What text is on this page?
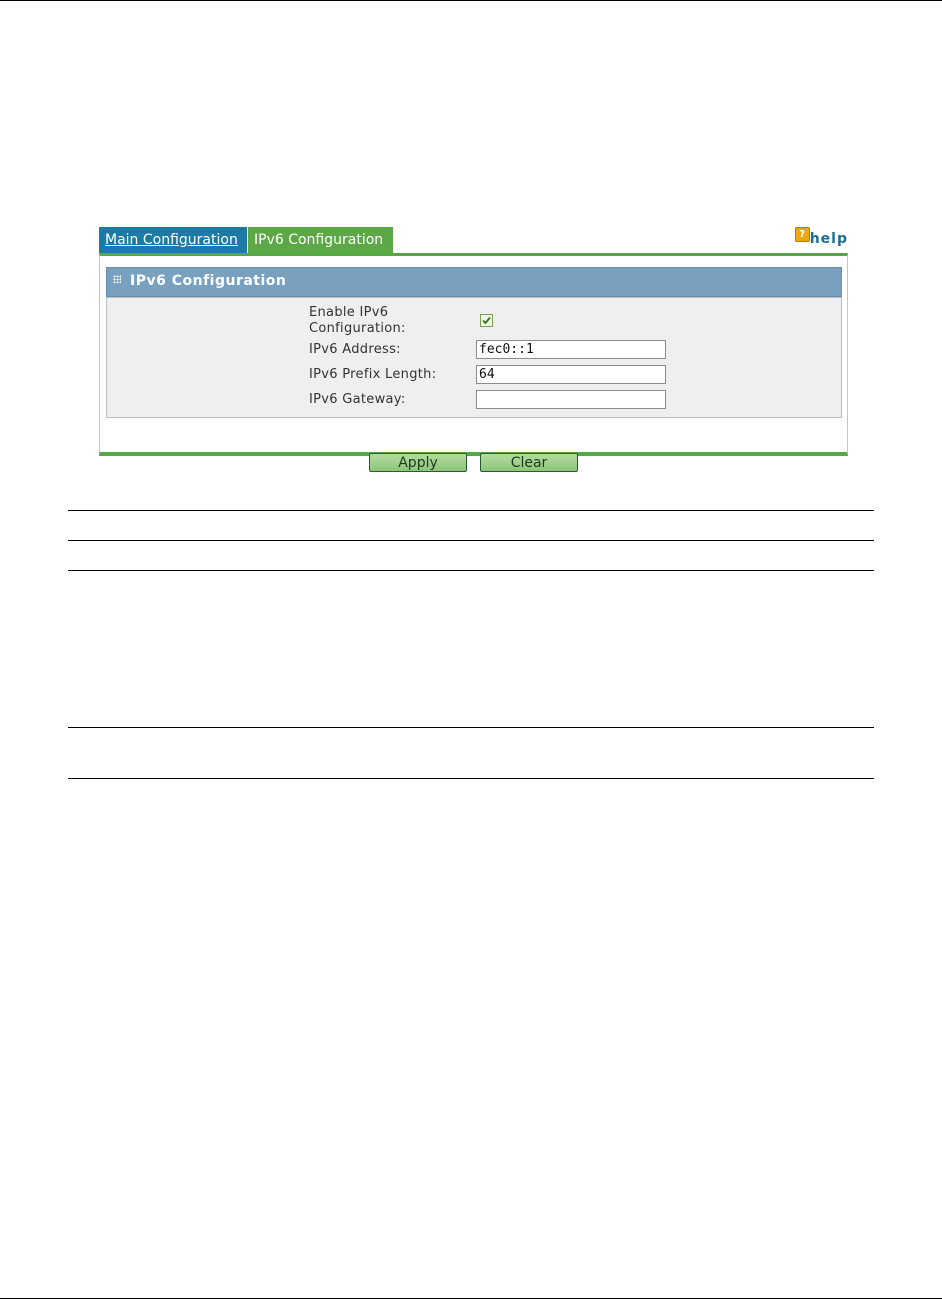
Main Configuration	IPv6 Configuration	? help
IPv6 Configuration
Enable IPv6 Configuration:
IPv6 Address:
fec0::1
IPv6 Prefix Length:
64
IPv6 Gateway:
Apply	Clear
